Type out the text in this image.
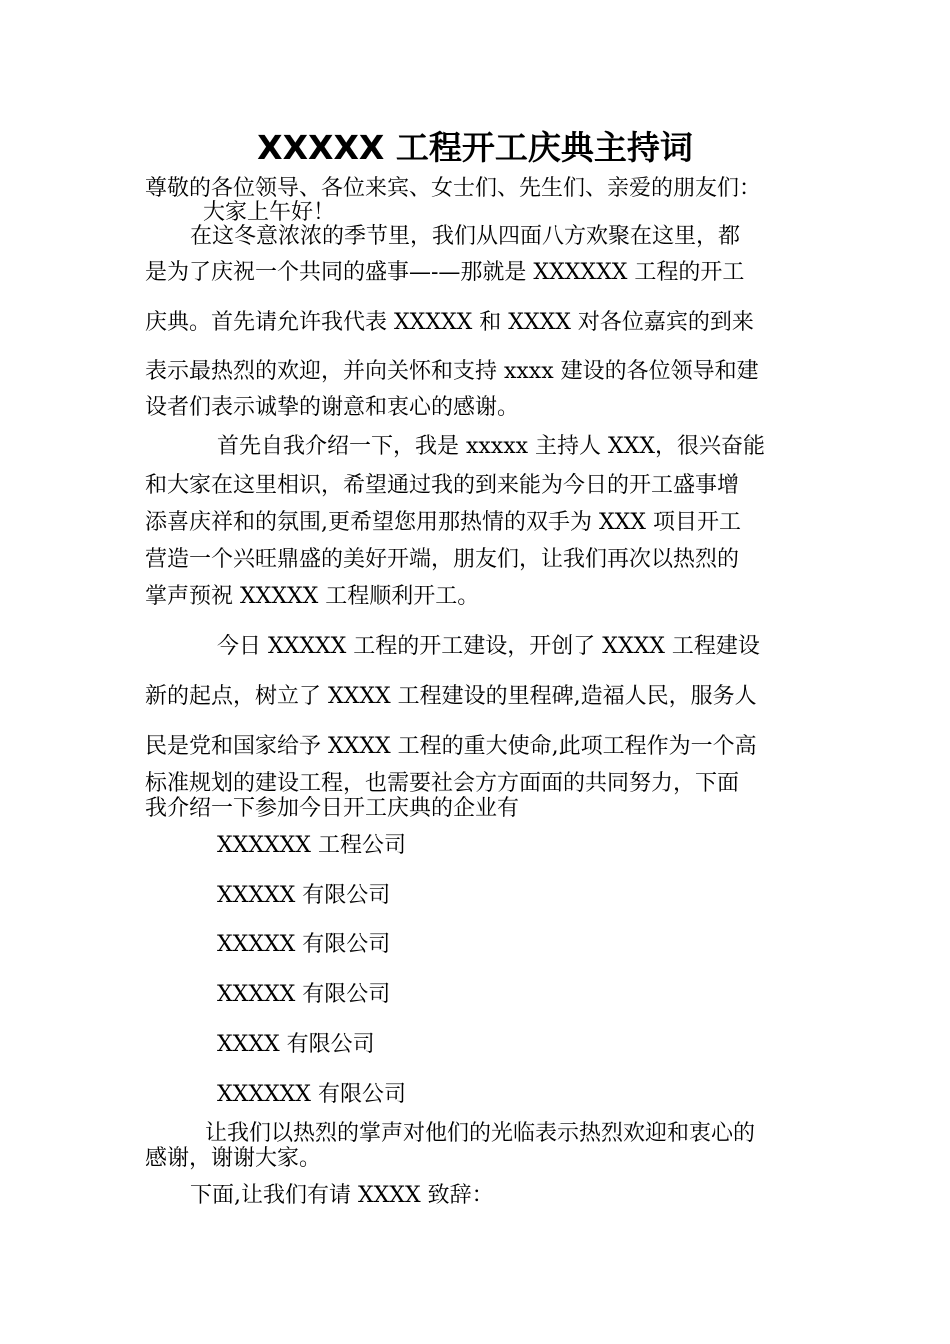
XXXXX 工程开工庆典主持词
尊敬的各位领导、各位来宾、女士们、先生们、亲爱的朋友们：
大家上午好！
在这冬意浓浓的季节里，我们从四面八方欢聚在这里，都
是为了庆祝一个共同的盛事—-—那就是 XXXXXX 工程的开工
庆典。首先请允许我代表 XXXXX 和 XXXX 对各位嘉宾的到来
表示最热烈的欢迎，并向关怀和支持 xxxx 建设的各位领导和建
设者们表示诚挚的谢意和衷心的感谢。
首先自我介绍一下，我是 xxxxx 主持人 XXX，很兴奋能
和大家在这里相识，希望通过我的到来能为今日的开工盛事增
添喜庆祥和的氛围,更希望您用那热情的双手为 XXX 项目开工
营造一个兴旺鼎盛的美好开端，朋友们，让我们再次以热烈的
掌声预祝 XXXXX 工程顺利开工。
今日 XXXXX 工程的开工建设，开创了 XXXX 工程建设
新的起点，树立了 XXXX 工程建设的里程碑,造福人民，服务人
民是党和国家给予 XXXX 工程的重大使命,此项工程作为一个高
标准规划的建设工程，也需要社会方方面面的共同努力，下面
我介绍一下参加今日开工庆典的企业有
XXXXXX 工程公司
XXXXX 有限公司
XXXXX 有限公司
XXXXX 有限公司
XXXX 有限公司
XXXXXX 有限公司
让我们以热烈的掌声对他们的光临表示热烈欢迎和衷心的
感谢，谢谢大家。
下面,让我们有请 XXXX 致辞：
